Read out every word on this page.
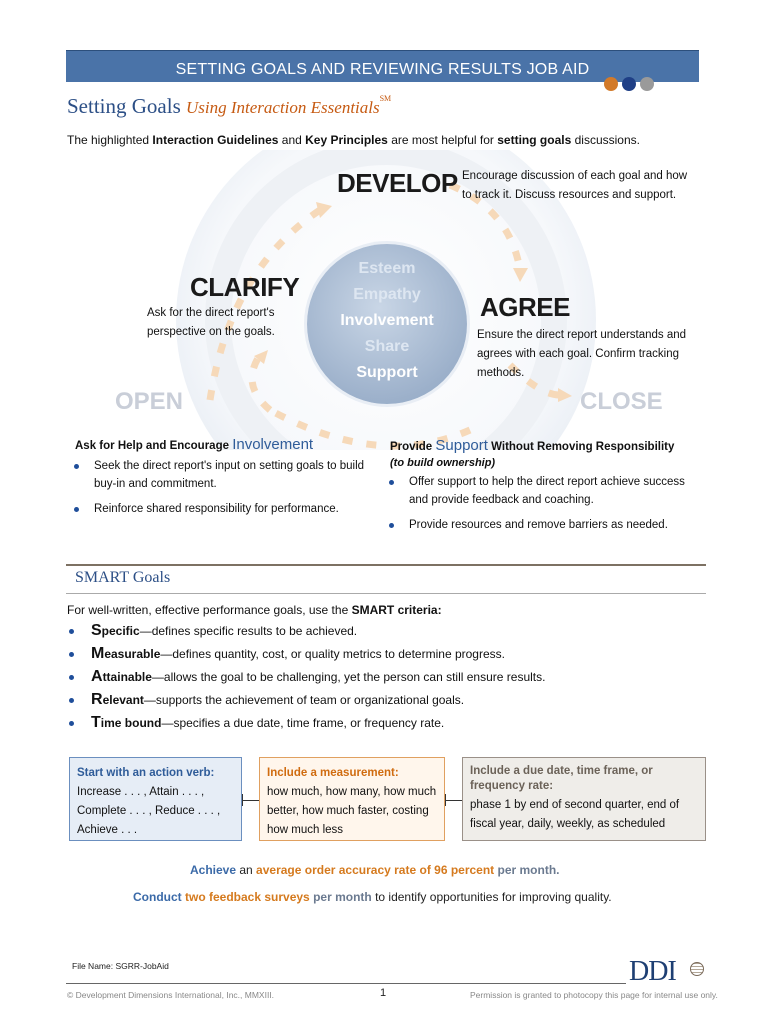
SETTING GOALS AND REVIEWING RESULTS JOB AID
Setting Goals Using Interaction Essentials℠
The highlighted Interaction Guidelines and Key Principles are most helpful for setting goals discussions.
Esteem
Empathy
Involvement
Share
Support
DEVELOP Encourage discussion of each goal and how to track it. Discuss resources and support.
CLARIFY
Ask for the direct report's perspective on the goals.
AGREE
Ensure the direct report understands and agrees with each goal. Confirm tracking methods.
OPEN	CLOSE
Ask for Help and Encourage Involvement
Seek the direct report's input on setting goals to build buy-in and commitment.
Reinforce shared responsibility for performance.
Provide Support Without Removing Responsibility
(to build ownership)
Offer support to help the direct report achieve success and provide feedback and coaching.
Provide resources and remove barriers as needed.
SMART Goals
For well-written, effective performance goals, use the SMART criteria:
Specific—defines specific results to be achieved.
Measurable—defines quantity, cost, or quality metrics to determine progress.
Attainable—allows the goal to be challenging, yet the person can still ensure results.
Relevant—supports the achievement of team or organizational goals.
Time bound—specifies a due date, time frame, or frequency rate.
Start with an action verb:
Increase . . . , Attain . . . , Complete . . . , Reduce . . . , Achieve . . .
Include a measurement:
how much, how many, how much better, how much faster, costing how much less
Include a due date, time frame, or frequency rate:
phase 1 by end of second quarter, end of fiscal year, daily, weekly, as scheduled
Achieve an average order accuracy rate of 96 percent per month.
Conduct two feedback surveys per month to identify opportunities for improving quality.
File Name: SGRR-JobAid	DDI
© Development Dimensions International, Inc., MMXIII.	1	Permission is granted to photocopy this page for internal use only.
